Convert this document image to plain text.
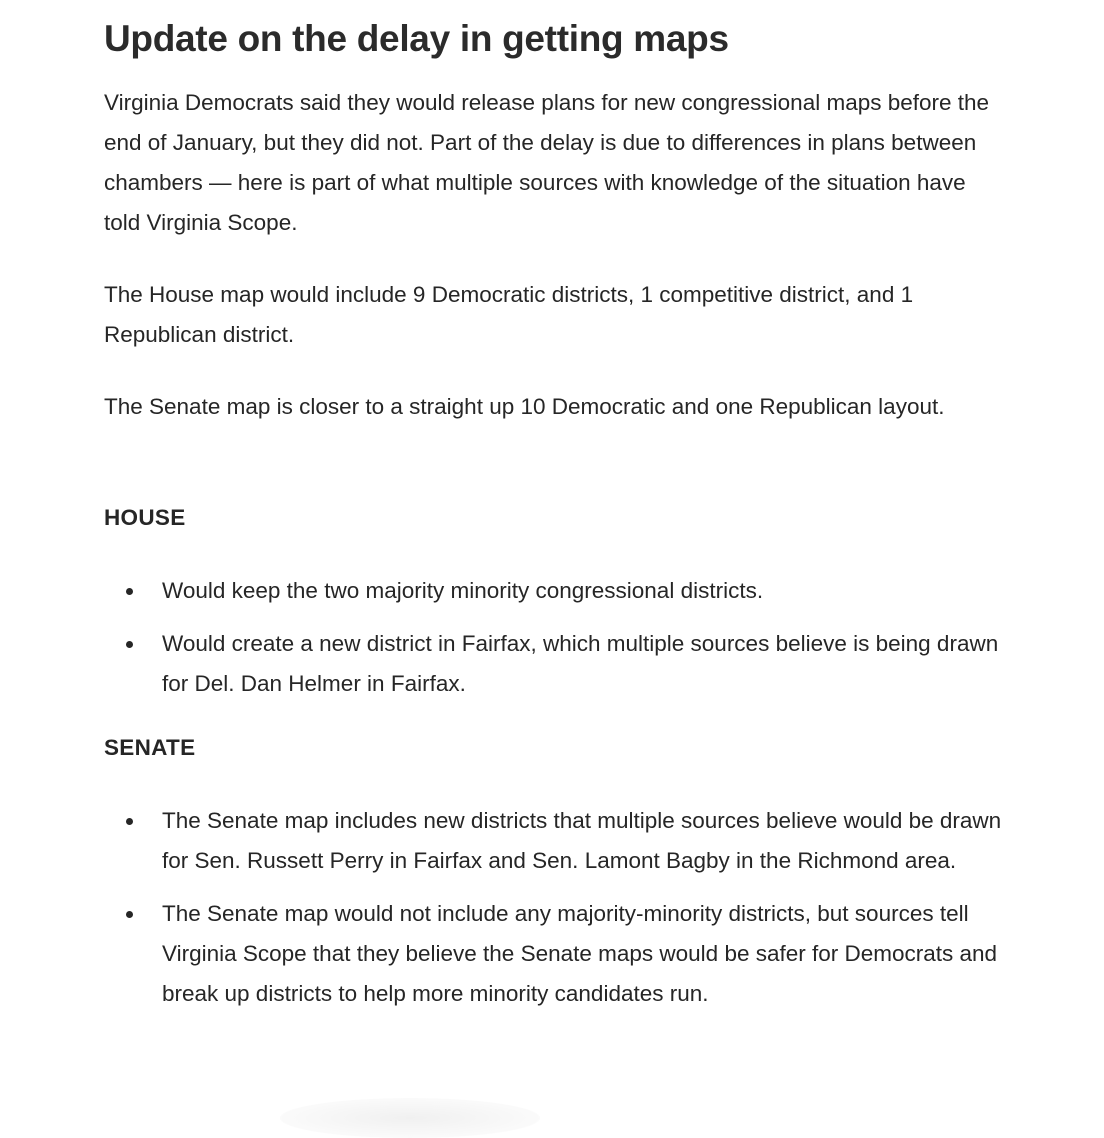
Update on the delay in getting maps

Virginia Democrats said they would release plans for new congressional maps before the end of January, but they did not. Part of the delay is due to differences in plans between chambers — here is part of what multiple sources with knowledge of the situation have told Virginia Scope.

The House map would include 9 Democratic districts, 1 competitive district, and 1 Republican district.

The Senate map is closer to a straight up 10 Democratic and one Republican layout.

HOUSE
Would keep the two majority minority congressional districts.
Would create a new district in Fairfax, which multiple sources believe is being drawn for Del. Dan Helmer in Fairfax.
SENATE
The Senate map includes new districts that multiple sources believe would be drawn for Sen. Russett Perry in Fairfax and Sen. Lamont Bagby in the Richmond area.
The Senate map would not include any majority-minority districts, but sources tell Virginia Scope that they believe the Senate maps would be safer for Democrats and break up districts to help more minority candidates run.
